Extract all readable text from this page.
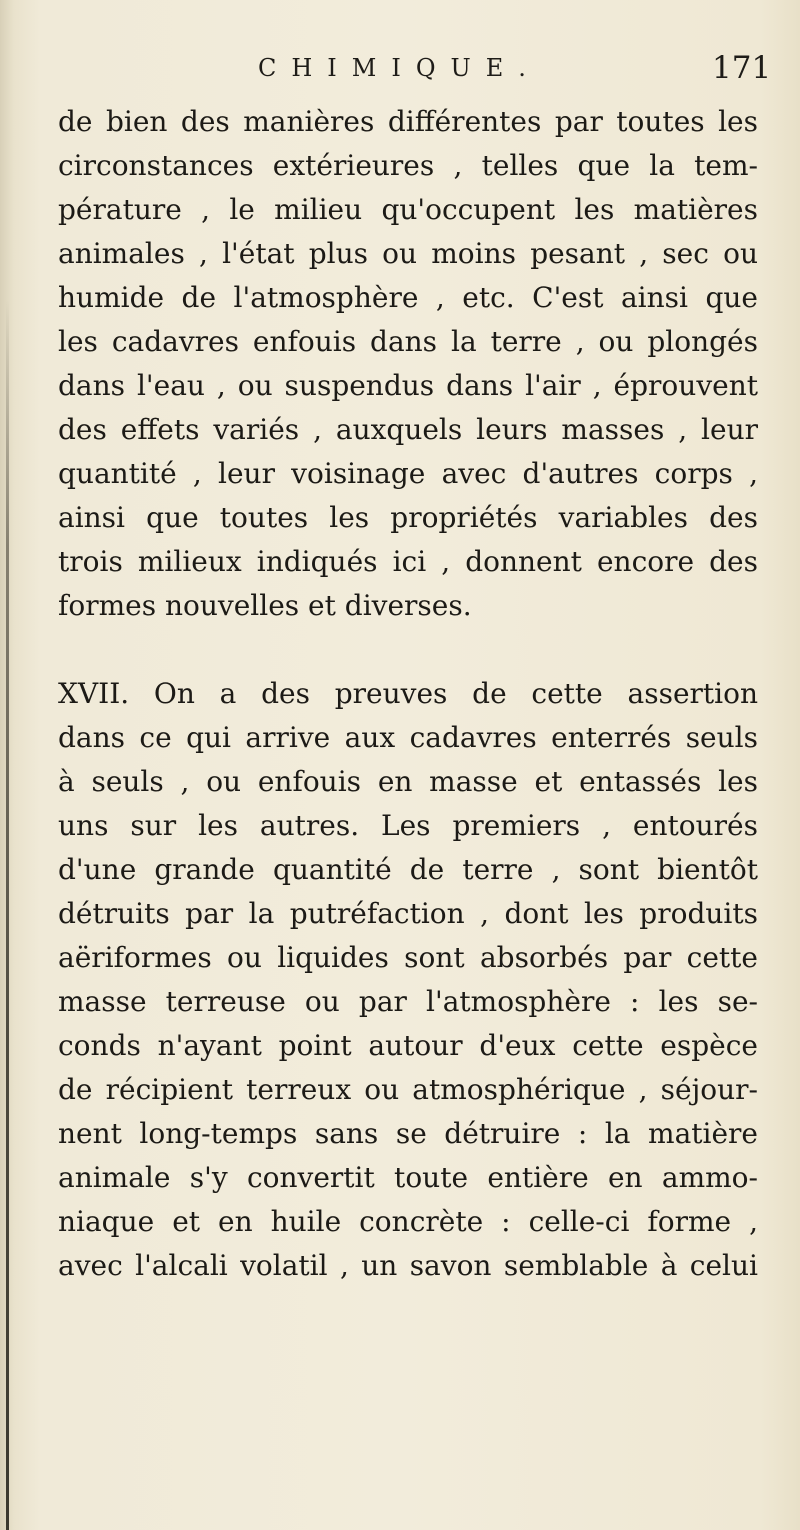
CHIMIQUE.	171
de bien des manières différentes par toutes les
circonstances extérieures , telles que la tem-
pérature , le milieu qu'occupent les matières
animales , l'état plus ou moins pesant , sec ou
humide de l'atmosphère , etc. C'est ainsi que
les cadavres enfouis dans la terre , ou plongés
dans l'eau , ou suspendus dans l'air , éprouvent
des effets variés , auxquels leurs masses , leur
quantité , leur voisinage avec d'autres corps ,
ainsi que toutes les propriétés variables des
trois milieux indiqués ici , donnent encore des
formes nouvelles et diverses.
XVII. On a des preuves de cette assertion
dans ce qui arrive aux cadavres enterrés seuls
à seuls , ou enfouis en masse et entassés les
uns sur les autres. Les premiers , entourés
d'une grande quantité de terre , sont bientôt
détruits par la putréfaction , dont les produits
aëriformes ou liquides sont absorbés par cette
masse terreuse ou par l'atmosphère : les se-
conds n'ayant point autour d'eux cette espèce
de récipient terreux ou atmosphérique , séjour-
nent long-temps sans se détruire : la matière
animale s'y convertit toute entière en ammo-
niaque et en huile concrète : celle-ci forme ,
avec l'alcali volatil , un savon semblable à celui
